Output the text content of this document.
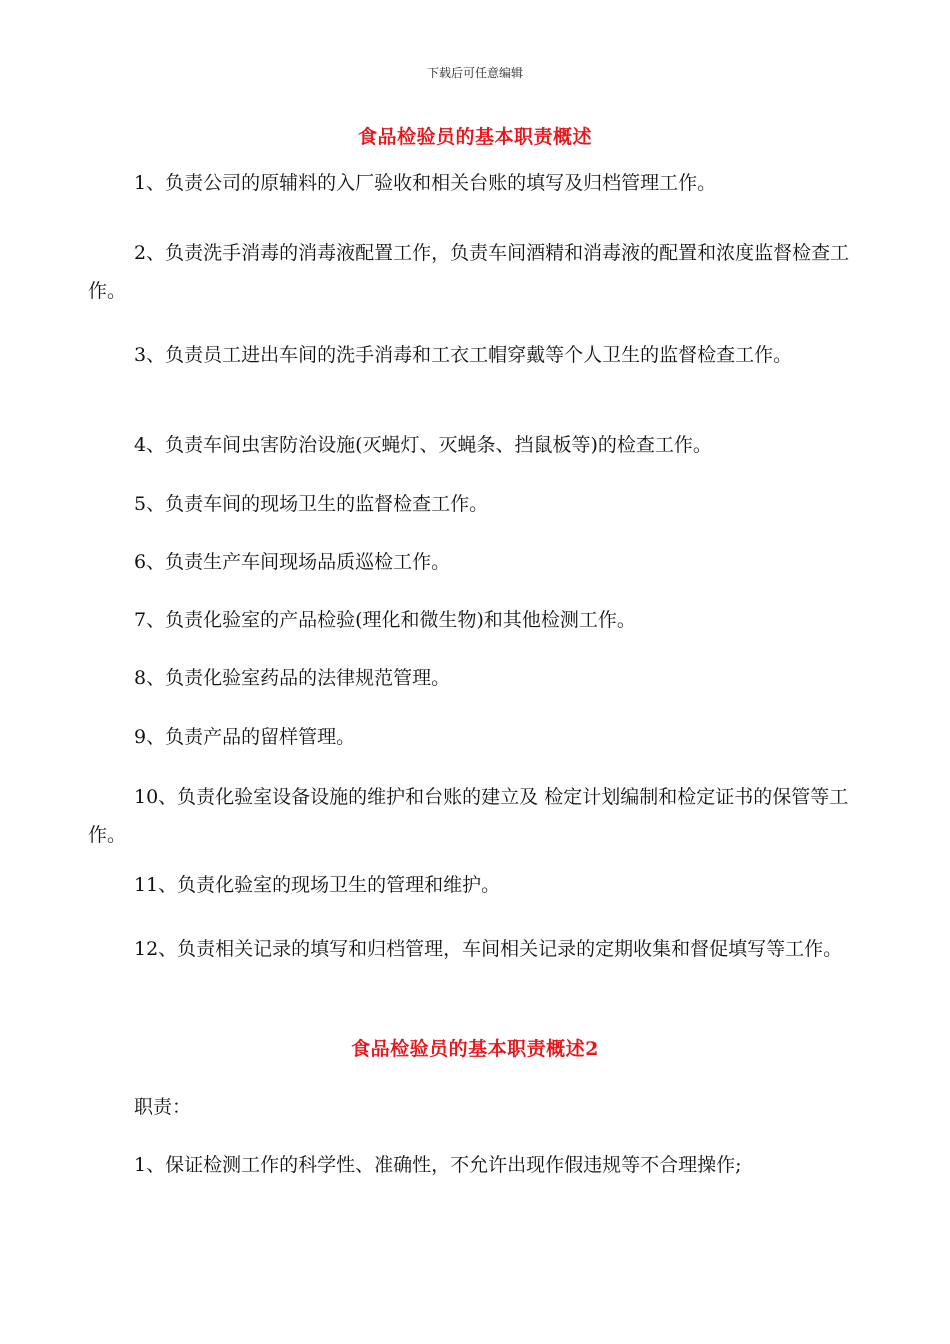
下载后可任意编辑
食品检验员的基本职责概述

1、负责公司的原辅料的入厂验收和相关台账的填写及归档管理工作。

2、负责洗手消毒的消毒液配置工作，负责车间酒精和消毒液的配置和浓度监督检查工作。

3、负责员工进出车间的洗手消毒和工衣工帽穿戴等个人卫生的监督检查工作。

4、负责车间虫害防治设施(灭蝇灯、灭蝇条、挡鼠板等)的检查工作。

5、负责车间的现场卫生的监督检查工作。

6、负责生产车间现场品质巡检工作。

7、负责化验室的产品检验(理化和微生物)和其他检测工作。

8、负责化验室药品的法律规范管理。

9、负责产品的留样管理。

10、负责化验室设备设施的维护和台账的建立及 检定计划编制和检定证书的保管等工作。

11、负责化验室的现场卫生的管理和维护。

12、负责相关记录的填写和归档管理，车间相关记录的定期收集和督促填写等工作。

食品检验员的基本职责概述2

职责：

1、保证检测工作的科学性、准确性，不允许出现作假违规等不合理操作;
